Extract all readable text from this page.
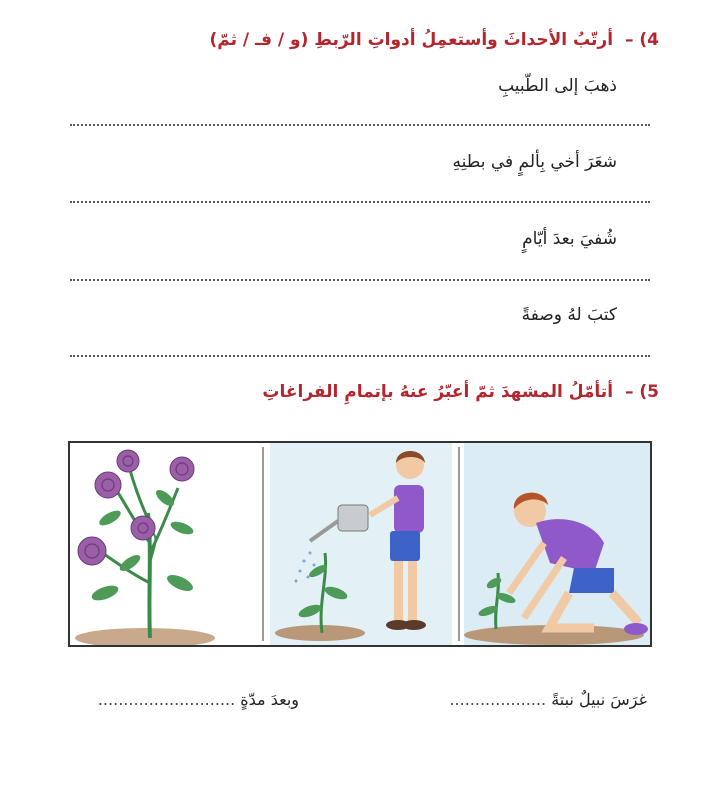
4) – أرتّبُ الأحداثَ وأستعمِلُ أدواتِ الرّبطِ (و / فـ / ثمّ)
ذهبَ إلى الطّبيبِ
شعَرَ أخي بِألمٍ في بطنِهِ
شُفيَ بعدَ أيّامٍ
كتبَ لهُ وصفةً
5) – أتأمّلُ المشهدَ ثمّ أعبّرُ عنهُ بإتمامِ الفراغاتِ
غرَسَ نبيلٌ نبتةً ...................
وبعدَ مدّةٍ ...........................
